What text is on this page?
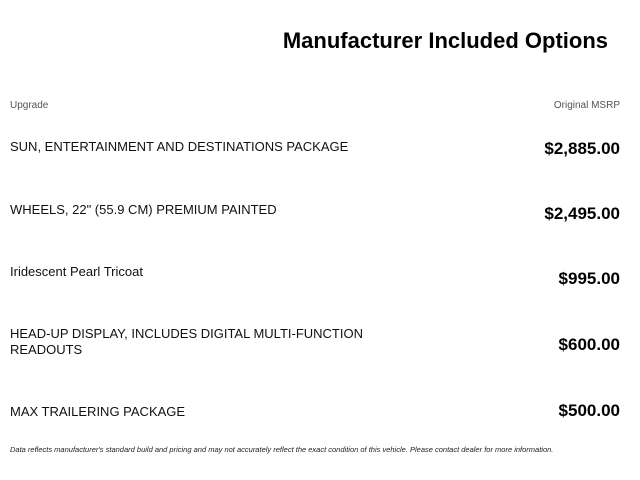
Manufacturer Included Options
Upgrade	Original MSRP
SUN, ENTERTAINMENT AND DESTINATIONS PACKAGE	$2,885.00
WHEELS, 22" (55.9 CM) PREMIUM PAINTED	$2,495.00
Iridescent Pearl Tricoat	$995.00
HEAD-UP DISPLAY, INCLUDES DIGITAL MULTI-FUNCTION READOUTS	$600.00
MAX TRAILERING PACKAGE	$500.00
Data reflects manufacturer's standard build and pricing and may not accurately reflect the exact condition of this vehicle. Please contact dealer for more information.
